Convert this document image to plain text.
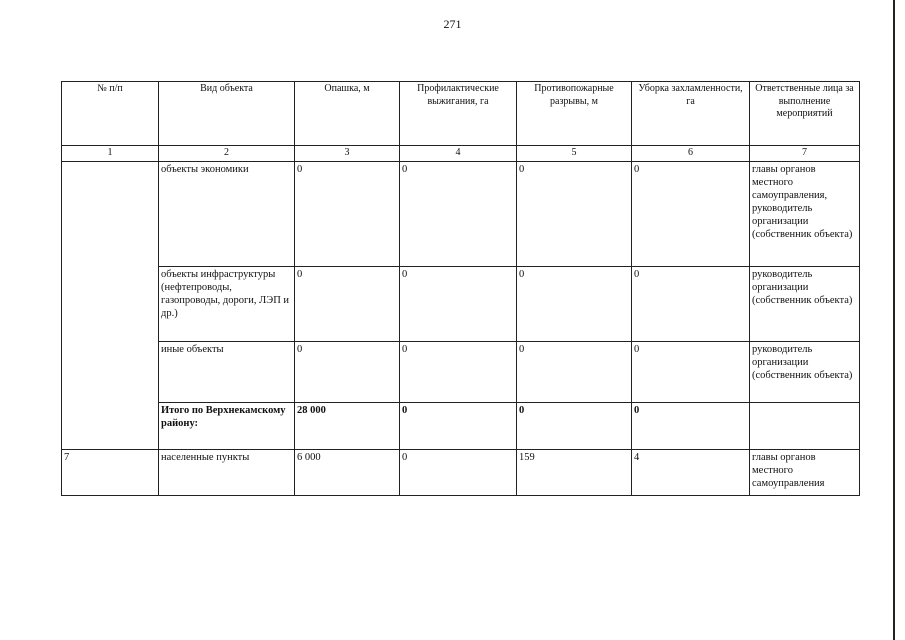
271
№ п/п	Вид объекта	Опашка, м	Профилактические выжигания, га	Противопожарные разрывы, м	Уборка захламленности, га	Ответственные лица за выполнение мероприятий
1	2	3	4	5	6	7
	объекты экономики	0	0	0	0	главы органов местного самоуправления, руководитель организации (собственник объекта)
	объекты инфраструктуры (нефтепроводы, газопроводы, дороги, ЛЭП и др.)	0	0	0	0	руководитель организации (собственник объекта)
	иные объекты	0	0	0	0	руководитель организации (собственник объекта)
	Итого по Верхнекамскому району:	28 000	0	0	0	
7	населенные пункты	6 000	0	159	4	главы органов местного самоуправления
